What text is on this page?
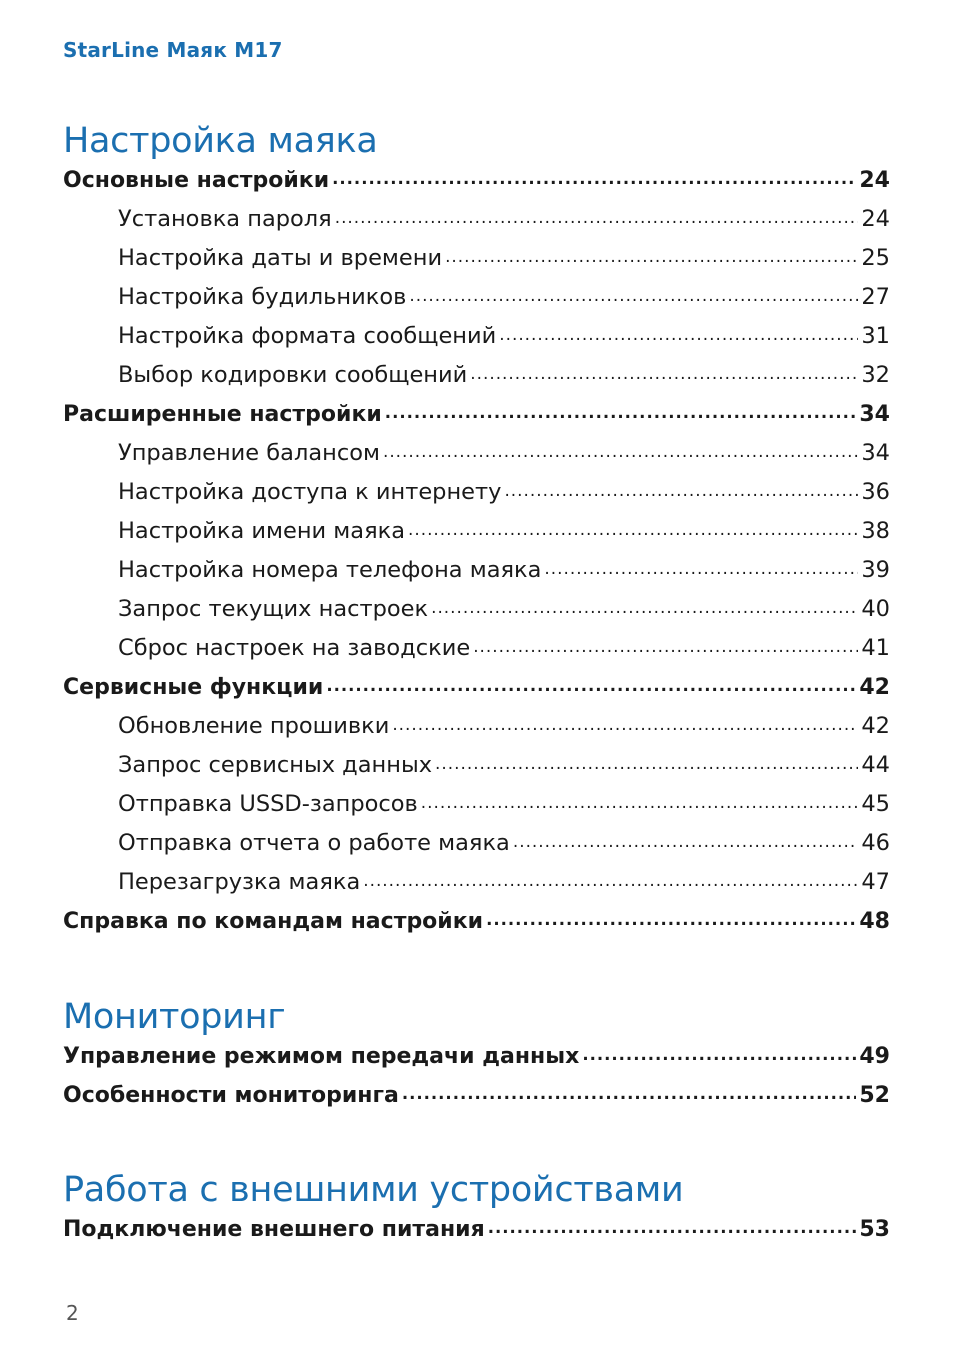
StarLine Маяк M17
Настройка маяка
Основные настройки .....	24
Установка пароля .....	24
Настройка даты и времени .....	25
Настройка будильников .....	27
Настройка формата сообщений .....	31
Выбор кодировки сообщений .....	32
Расширенные настройки .....	34
Управление балансом .....	34
Настройка доступа к интернету .....	36
Настройка имени маяка .....	38
Настройка номера телефона маяка .....	39
Запрос текущих настроек .....	40
Сброс настроек на заводские .....	41
Сервисные функции .....	42
Обновление прошивки .....	42
Запрос сервисных данных .....	44
Отправка USSD-запросов .....	45
Отправка отчета о работе маяка .....	46
Перезагрузка маяка .....	47
Справка по командам настройки .....	48
Мониторинг
Управление режимом передачи данных .....	49
Особенности мониторинга .....	52
Работа с внешними устройствами
Подключение внешнего питания .....	53
2
